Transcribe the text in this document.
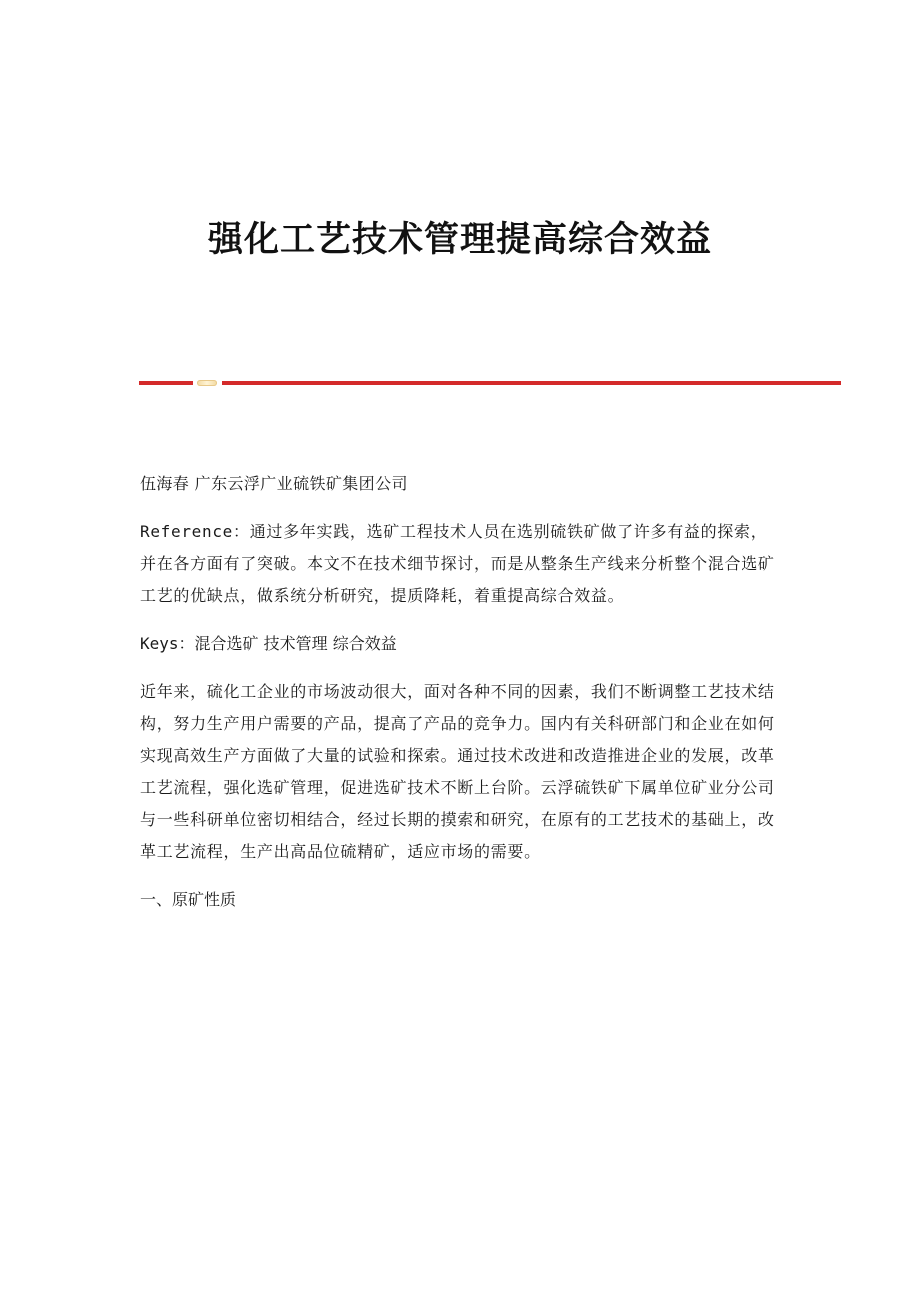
强化工艺技术管理提高综合效益

伍海春 广东云浮广业硫铁矿集团公司

Reference：通过多年实践，选矿工程技术人员在选别硫铁矿做了许多有益的探索，并在各方面有了突破。本文不在技术细节探讨，而是从整条生产线来分析整个混合选矿工艺的优缺点，做系统分析研究，提质降耗，着重提高综合效益。

Keys：混合选矿 技术管理 综合效益

近年来，硫化工企业的市场波动很大，面对各种不同的因素，我们不断调整工艺技术结构，努力生产用户需要的产品，提高了产品的竞争力。国内有关科研部门和企业在如何实现高效生产方面做了大量的试验和探索。通过技术改进和改造推进企业的发展，改革工艺流程，强化选矿管理，促进选矿技术不断上台阶。云浮硫铁矿下属单位矿业分公司与一些科研单位密切相结合，经过长期的摸索和研究，在原有的工艺技术的基础上，改革工艺流程，生产出高品位硫精矿，适应市场的需要。

一、原矿性质
